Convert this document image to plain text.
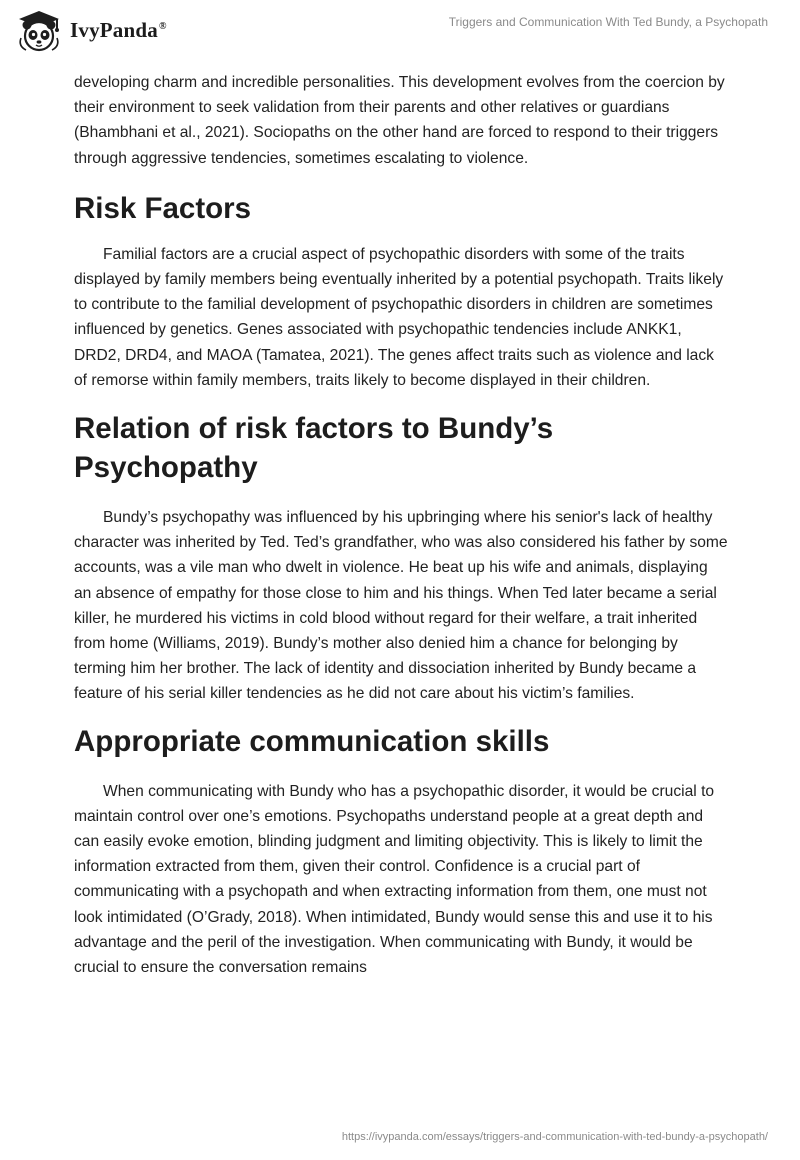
IvyPanda®	Triggers and Communication With Ted Bundy, a Psychopath

developing charm and incredible personalities. This development evolves from the coercion by their environment to seek validation from their parents and other relatives or guardians (Bhambhani et al., 2021). Sociopaths on the other hand are forced to respond to their triggers through aggressive tendencies, sometimes escalating to violence.

Risk Factors

Familial factors are a crucial aspect of psychopathic disorders with some of the traits displayed by family members being eventually inherited by a potential psychopath. Traits likely to contribute to the familial development of psychopathic disorders in children are sometimes influenced by genetics. Genes associated with psychopathic tendencies include ANKK1, DRD2, DRD4, and MAOA (Tamatea, 2021). The genes affect traits such as violence and lack of remorse within family members, traits likely to become displayed in their children.

Relation of risk factors to Bundy’s Psychopathy

Bundy’s psychopathy was influenced by his upbringing where his senior's lack of healthy character was inherited by Ted. Ted’s grandfather, who was also considered his father by some accounts, was a vile man who dwelt in violence. He beat up his wife and animals, displaying an absence of empathy for those close to him and his things. When Ted later became a serial killer, he murdered his victims in cold blood without regard for their welfare, a trait inherited from home (Williams, 2019). Bundy’s mother also denied him a chance for belonging by terming him her brother. The lack of identity and dissociation inherited by Bundy became a feature of his serial killer tendencies as he did not care about his victim’s families.

Appropriate communication skills

When communicating with Bundy who has a psychopathic disorder, it would be crucial to maintain control over one’s emotions. Psychopaths understand people at a great depth and can easily evoke emotion, blinding judgment and limiting objectivity. This is likely to limit the information extracted from them, given their control. Confidence is a crucial part of communicating with a psychopath and when extracting information from them, one must not look intimidated (O’Grady, 2018). When intimidated, Bundy would sense this and use it to his advantage and the peril of the investigation. When communicating with Bundy, it would be crucial to ensure the conversation remains

https://ivypanda.com/essays/triggers-and-communication-with-ted-bundy-a-psychopath/
